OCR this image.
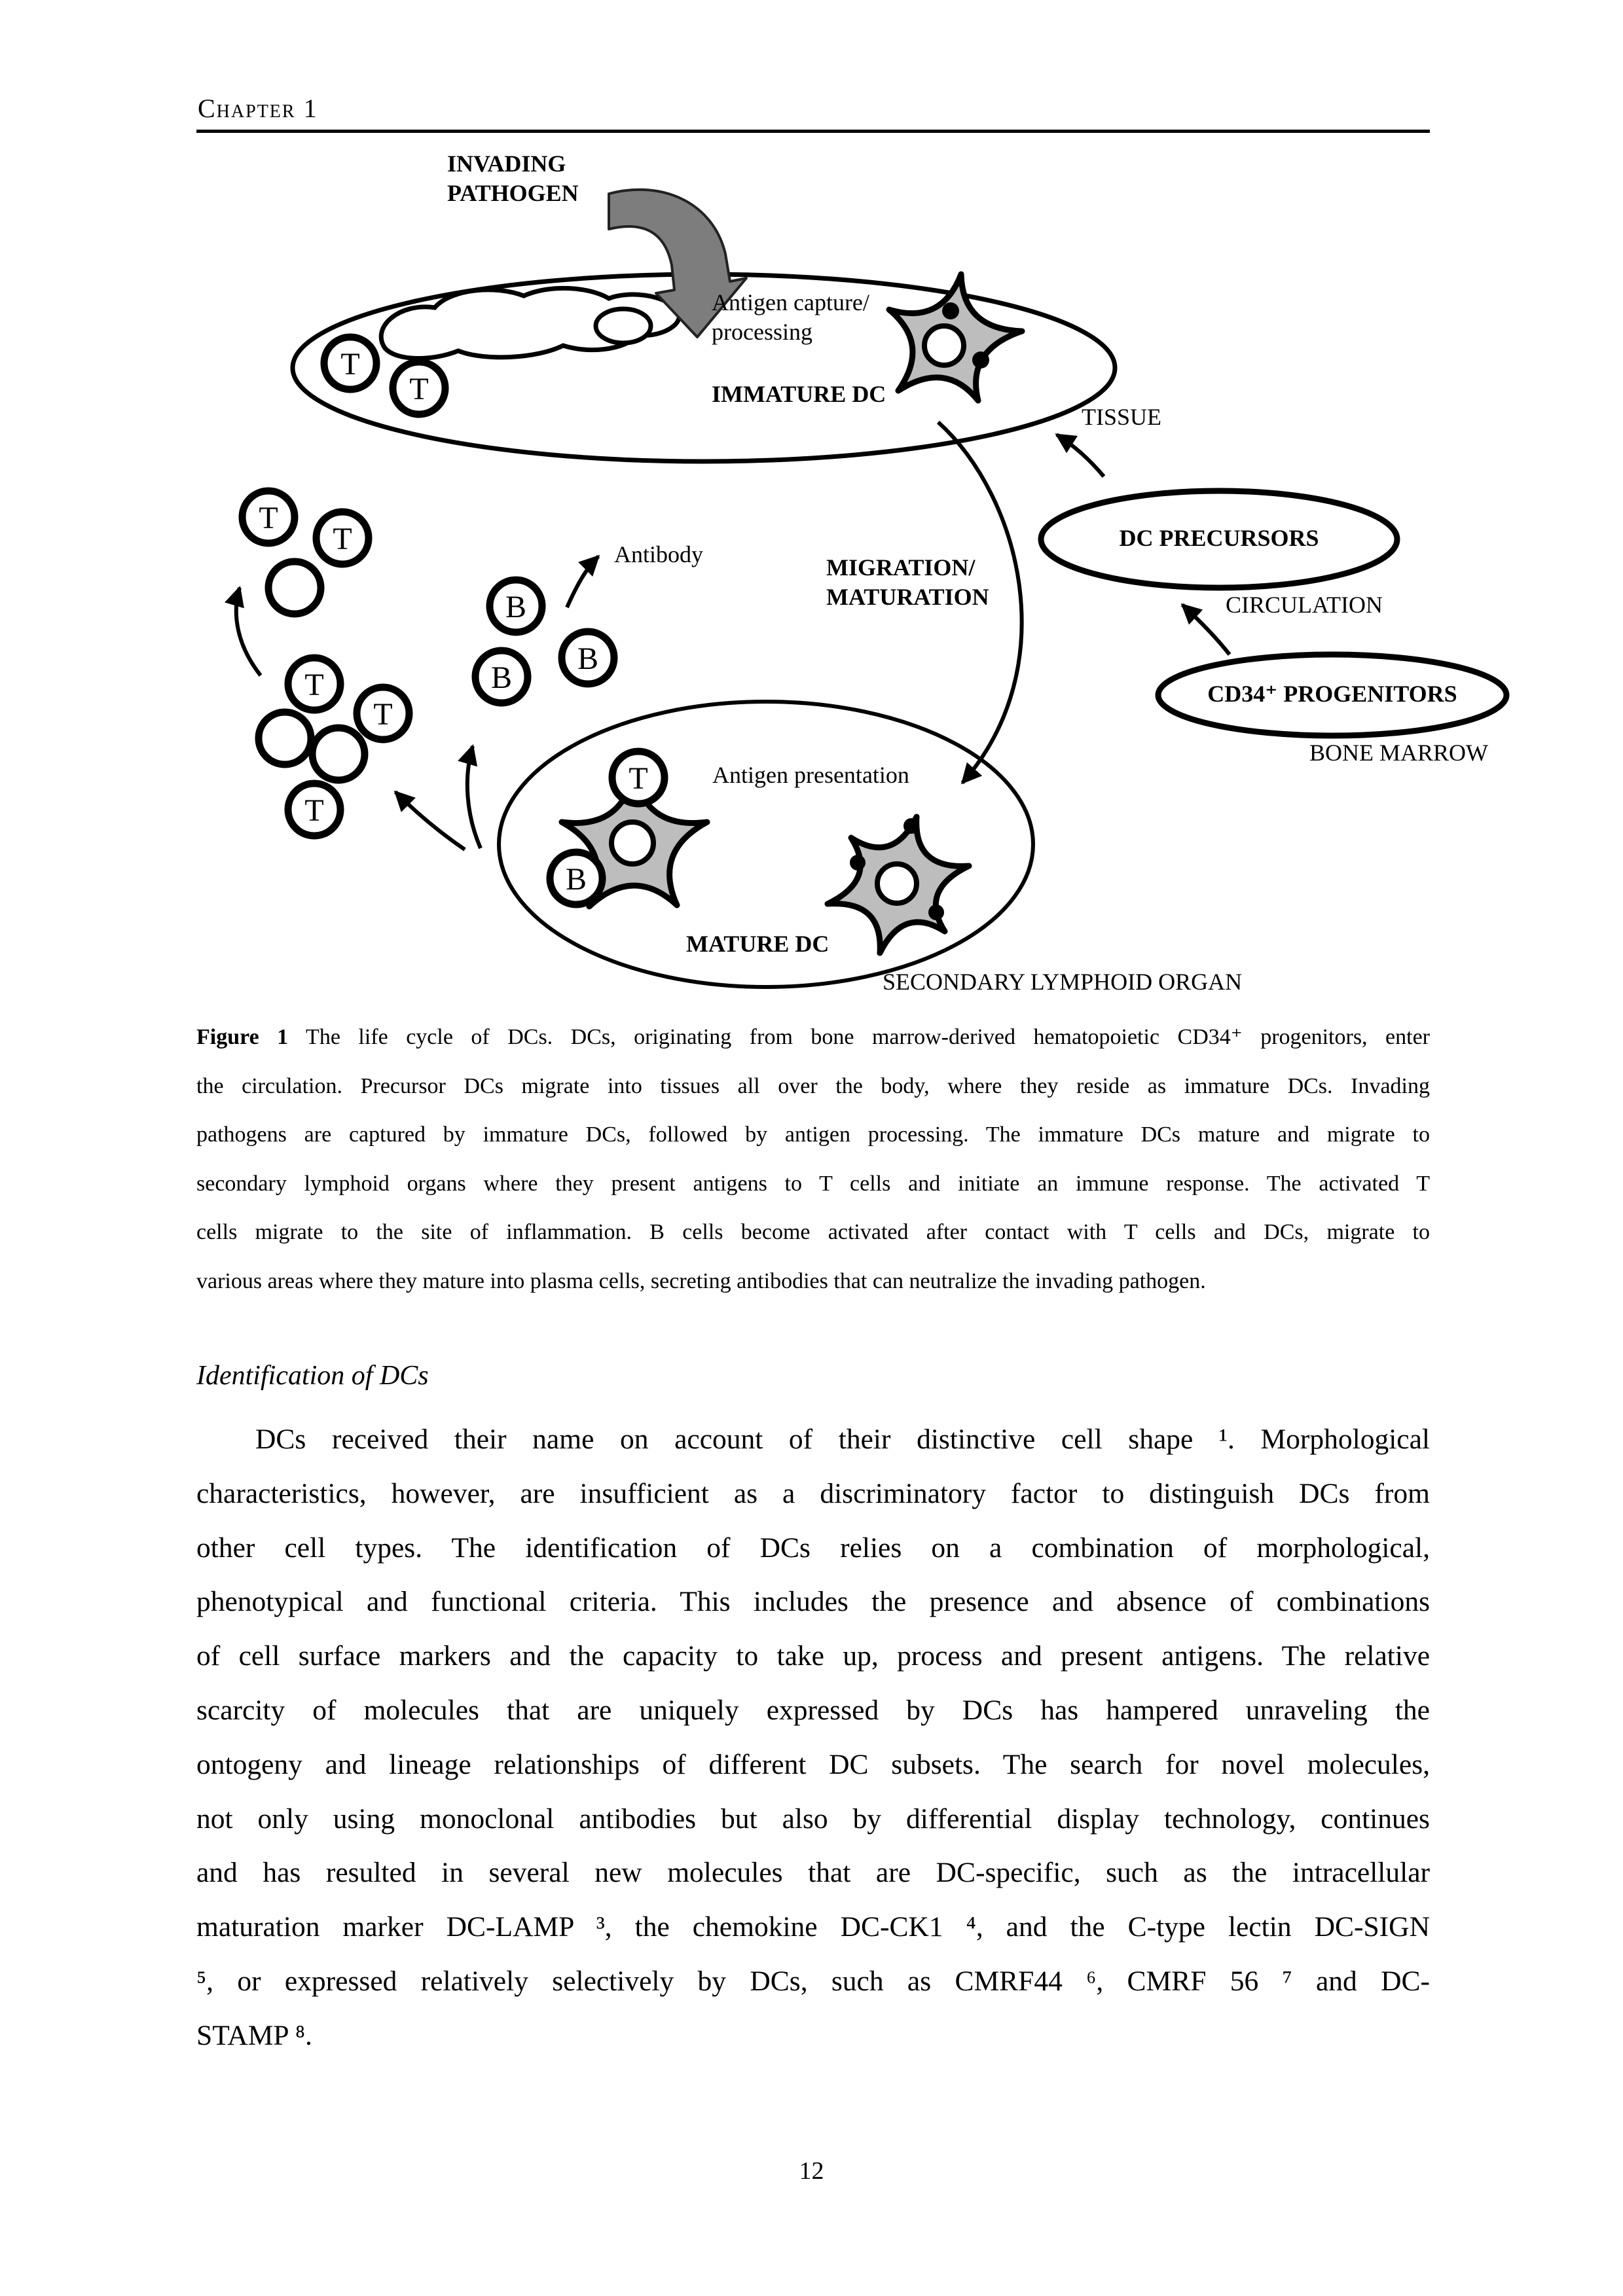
Chapter 1
T
T
T
T
T
T
T
B
B
B
T
B
INVADING
PATHOGEN
Antigen capture/
processing
IMMATURE DC
TISSUE
DC PRECURSORS
CIRCULATION
CD34⁺ PROGENITORS
BONE MARROW
MIGRATION/
MATURATION
Antibody
Antigen presentation
MATURE DC
SECONDARY LYMPHOID ORGAN
Figure 1 The life cycle of DCs. DCs, originating from bone marrow-derived hematopoietic CD34⁺ progenitors, enter
the circulation. Precursor DCs migrate into tissues all over the body, where they reside as immature DCs. Invading
pathogens are captured by immature DCs, followed by antigen processing. The immature DCs mature and migrate to
secondary lymphoid organs where they present antigens to T cells and initiate an immune response. The activated T
cells migrate to the site of inflammation. B cells become activated after contact with T cells and DCs, migrate to
various areas where they mature into plasma cells, secreting antibodies that can neutralize the invading pathogen.
Identification of DCs
DCs received their name on account of their distinctive cell shape ¹. Morphological
characteristics, however, are insufficient as a discriminatory factor to distinguish DCs from
other cell types. The identification of DCs relies on a combination of morphological,
phenotypical and functional criteria. This includes the presence and absence of combinations
of cell surface markers and the capacity to take up, process and present antigens. The relative
scarcity of molecules that are uniquely expressed by DCs has hampered unraveling the
ontogeny and lineage relationships of different DC subsets. The search for novel molecules,
not only using monoclonal antibodies but also by differential display technology, continues
and has resulted in several new molecules that are DC-specific, such as the intracellular
maturation marker DC-LAMP ³, the chemokine DC-CK1 ⁴, and the C-type lectin DC-SIGN
⁵, or expressed relatively selectively by DCs, such as CMRF44 ⁶, CMRF 56 ⁷ and DC-
STAMP ⁸.
12
